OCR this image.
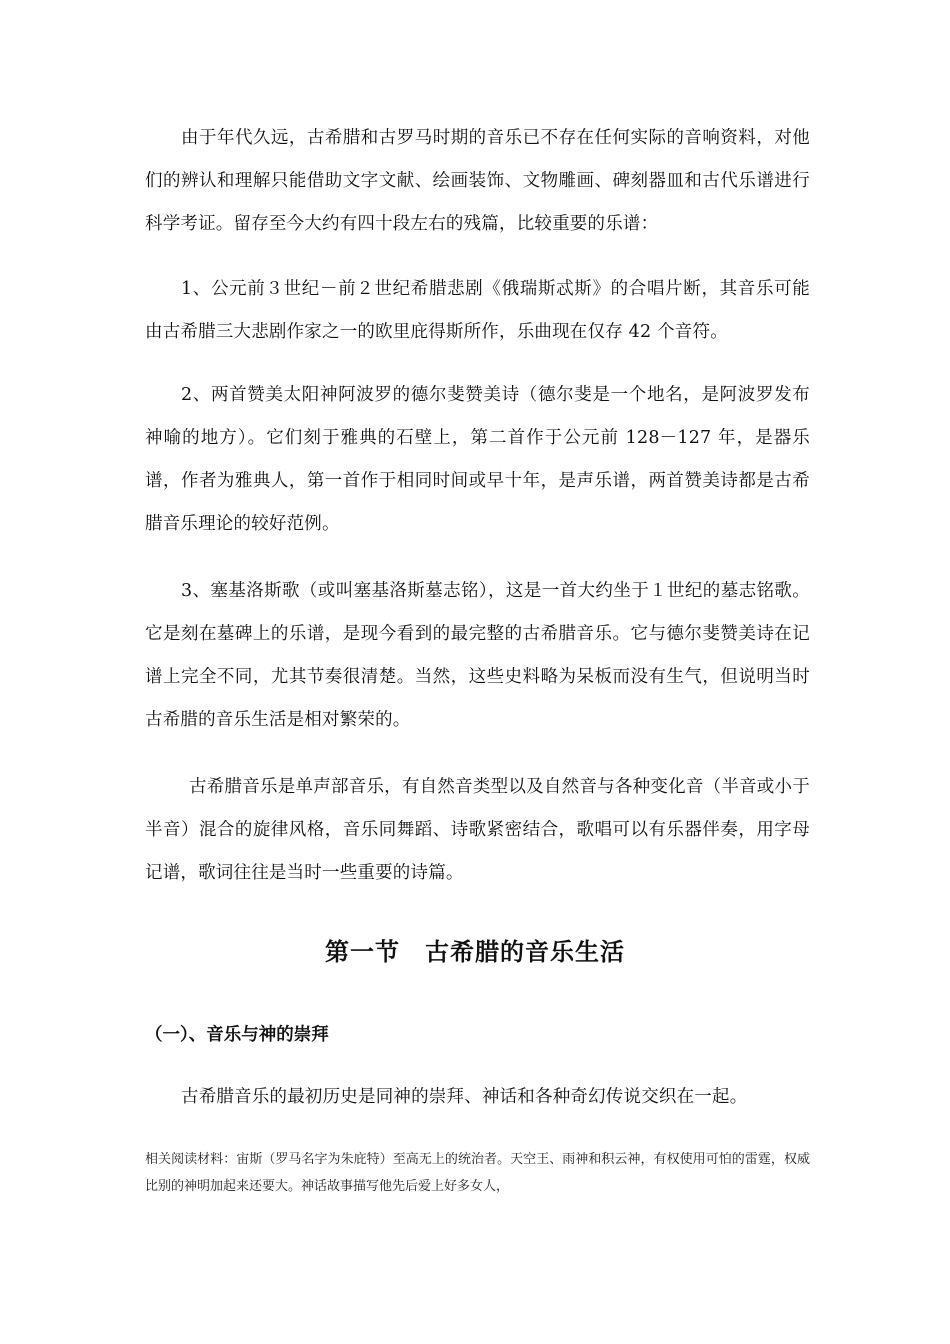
由于年代久远，古希腊和古罗马时期的音乐已不存在任何实际的音响资料，对他们的辨认和理解只能借助文字文献、绘画装饰、文物雕画、碑刻器皿和古代乐谱进行科学考证。留存至今大约有四十段左右的残篇，比较重要的乐谱：

1、公元前３世纪－前２世纪希腊悲剧《俄瑞斯忒斯》的合唱片断，其音乐可能由古希腊三大悲剧作家之一的欧里庇得斯所作，乐曲现在仅存 42 个音符。

2、两首赞美太阳神阿波罗的德尔斐赞美诗（德尔斐是一个地名，是阿波罗发布神喻的地方）。它们刻于雅典的石壁上，第二首作于公元前 128－127 年，是器乐谱，作者为雅典人，第一首作于相同时间或早十年，是声乐谱，两首赞美诗都是古希腊音乐理论的较好范例。

3、塞基洛斯歌（或叫塞基洛斯墓志铭），这是一首大约坐于１世纪的墓志铭歌。它是刻在墓碑上的乐谱，是现今看到的最完整的古希腊音乐。它与德尔斐赞美诗在记谱上完全不同，尤其节奏很清楚。当然，这些史料略为呆板而没有生气，但说明当时古希腊的音乐生活是相对繁荣的。

古希腊音乐是单声部音乐，有自然音类型以及自然音与各种变化音（半音或小于半音）混合的旋律风格，音乐同舞蹈、诗歌紧密结合，歌唱可以有乐器伴奏，用字母记谱，歌词往往是当时一些重要的诗篇。

第一节　古希腊的音乐生活
（一）、音乐与神的崇拜

古希腊音乐的最初历史是同神的崇拜、神话和各种奇幻传说交织在一起。

相关阅读材料：宙斯（罗马名字为朱庇特）至高无上的统治者。天空王、雨神和积云神，有权使用可怕的雷霆，权威比别的神明加起来还要大。神话故事描写他先后爱上好多女人，
